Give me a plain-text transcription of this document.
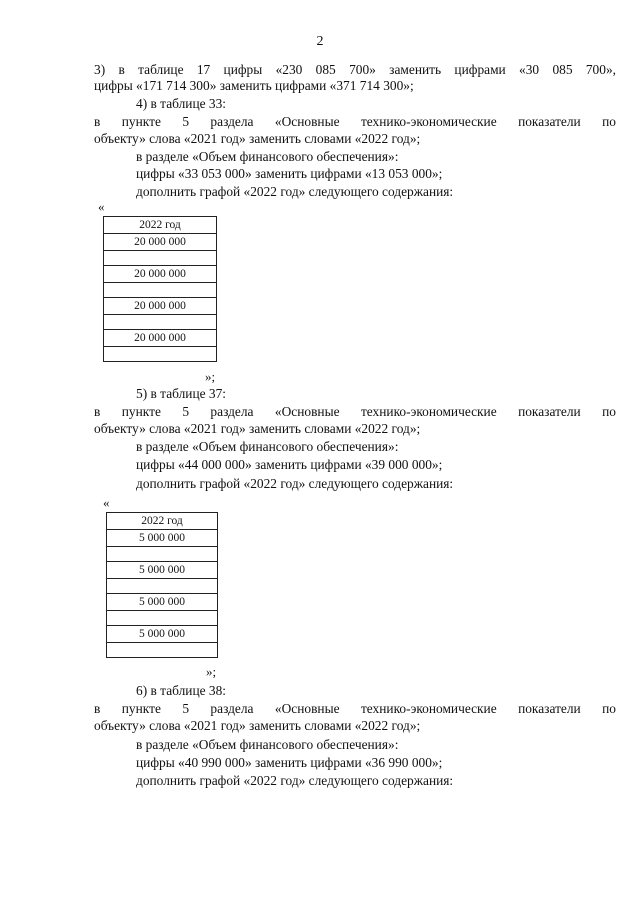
2
3) в таблице 17 цифры «230 085 700» заменить цифрами «30 085 700»,
цифры «171 714 300» заменить цифрами «371 714 300»;
4) в таблице 33:
в пункте 5 раздела «Основные технико-экономические показатели по
объекту» слова «2021 год» заменить словами «2022 год»;
в разделе «Объем финансового обеспечения»:
цифры «33 053 000» заменить цифрами «13 053 000»;
дополнить графой «2022 год» следующего содержания:
«
2022 год
20 000 000
20 000 000
20 000 000
20 000 000
»;
5) в таблице 37:
в пункте 5 раздела «Основные технико-экономические показатели по
объекту» слова «2021 год» заменить словами «2022 год»;
в разделе «Объем финансового обеспечения»:
цифры «44 000 000» заменить цифрами «39 000 000»;
дополнить графой «2022 год» следующего содержания:
«
2022 год
5 000 000
5 000 000
5 000 000
5 000 000
»;
6) в таблице 38:
в пункте 5 раздела «Основные технико-экономические показатели по
объекту» слова «2021 год» заменить словами «2022 год»;
в разделе «Объем финансового обеспечения»:
цифры «40 990 000» заменить цифрами «36 990 000»;
дополнить графой «2022 год» следующего содержания:
